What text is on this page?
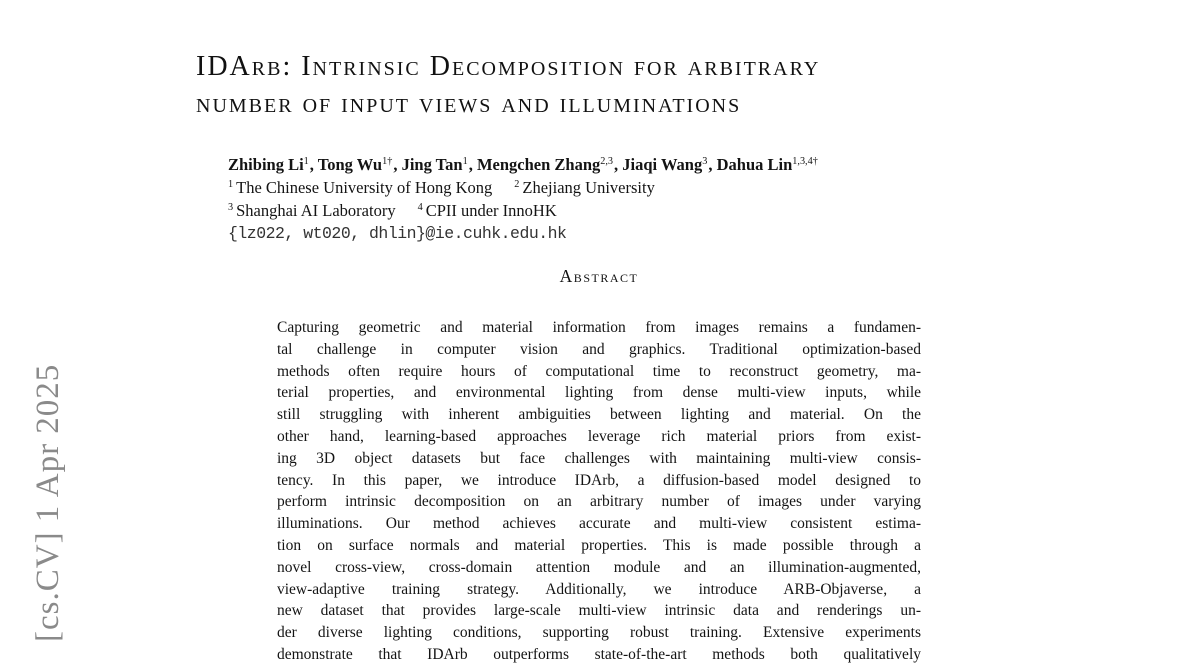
[cs.CV] 1 Apr 2025
IDArb: Intrinsic Decomposition for arbitrary
number of input views and illuminations
Zhibing Li$^1$, Tong $Wu^{1\dagger}$, Jing Tan$^1$, Mengchen Zhang$^{2,3}$, Jiaqi Wang$^3$, Dahua Lin$^{1,3,4\dagger}$
$^1$ The Chinese University of Hong Kong $^2$ Zhejiang University
$^3$ Shanghai AI Laboratory $^4$ CPII under InnoHK
{lz022, wt020, dhlin}@ie.cuhk.edu.hk
Abstract
Capturing geometric and material information from images remains a fundamen-
tal challenge in computer vision and graphics. Traditional optimization-based
methods often require hours of computational time to reconstruct geometry, ma-
terial properties, and environmental lighting from dense multi-view inputs, while
still struggling with inherent ambiguities between lighting and material. On the
other hand, learning-based approaches leverage rich material priors from exist-
ing 3D object datasets but face challenges with maintaining multi-view consis-
tency. In this paper, we introduce IDArb, a diffusion-based model designed to
perform intrinsic decomposition on an arbitrary number of images under varying
illuminations. Our method achieves accurate and multi-view consistent estima-
tion on surface normals and material properties. This is made possible through a
novel cross-view, cross-domain attention module and an illumination-augmented,
view-adaptive training strategy. Additionally, we introduce ARB-Objaverse, a
new dataset that provides large-scale multi-view intrinsic data and renderings un-
der diverse lighting conditions, supporting robust training. Extensive experiments
demonstrate that IDArb outperforms state-of-the-art methods both qualitatively
